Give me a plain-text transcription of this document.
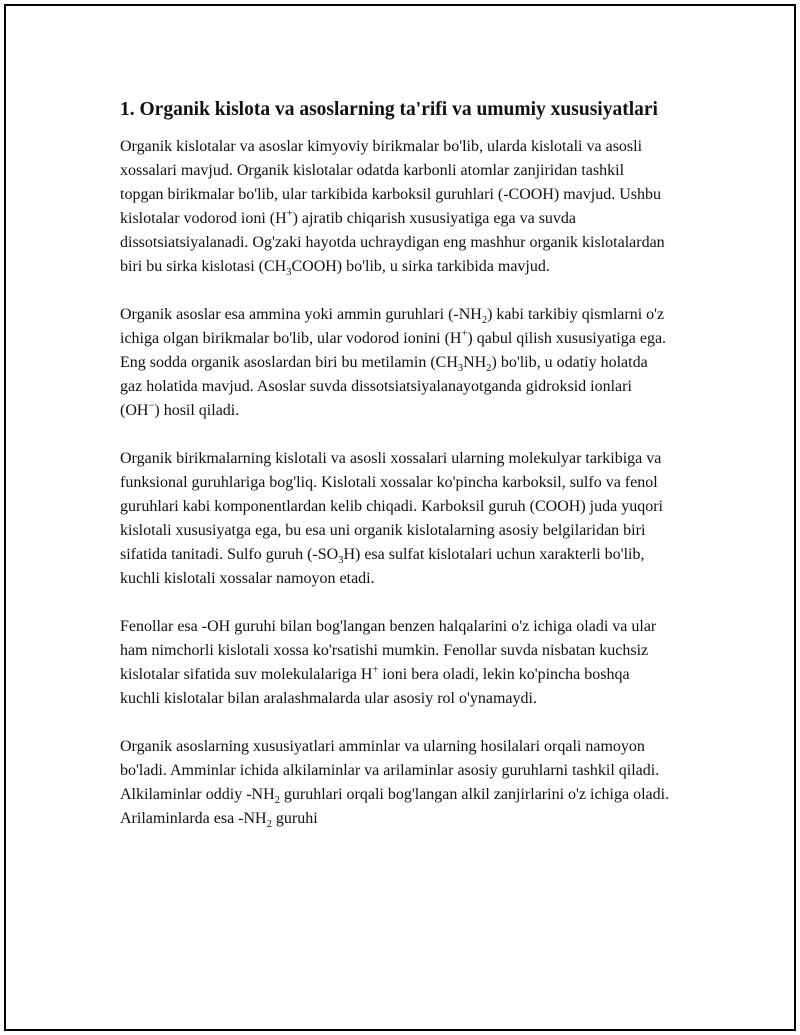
1. Organik kislota va asoslarning ta'rifi va umumiy xususiyatlari

Organik kislotalar va asoslar kimyoviy birikmalar bo'lib, ularda kislotali va asosli xossalari mavjud. Organik kislotalar odatda karbonli atomlar zanjiridan tashkil topgan birikmalar bo'lib, ular tarkibida karboksil guruhlari (-COOH) mavjud. Ushbu kislotalar vodorod ioni (H+) ajratib chiqarish xususiyatiga ega va suvda dissotsiatsiyalanadi. Og'zaki hayotda uchraydigan eng mashhur organik kislotalardan biri bu sirka kislotasi $(CH_3COOH)$ bo'lib, u sirka tarkibida mavjud.

Organik asoslar esa ammina yoki ammin guruhlari $(-NH_2)$ kabi tarkibiy qismlarni o'z ichiga olgan birikmalar bo'lib, ular vodorod ionini (H+) qabul qilish xususiyatiga ega. Eng sodda organik asoslardan biri bu metilamin $(CH_3NH_2)$ bo'lib, u odatiy holatda gaz holatida mavjud. Asoslar suvda dissotsiatsiyalanayotganda gidroksid ionlari (OH−) hosil qiladi.

Organik birikmalarning kislotali va asosli xossalari ularning molekulyar tarkibiga va funksional guruhlariga bog'liq. Kislotali xossalar ko'pincha karboksil, sulfo va fenol guruhlari kabi komponentlardan kelib chiqadi. Karboksil guruh (COOH) juda yuqori kislotali xususiyatga ega, bu esa uni organik kislotalarning asosiy belgilaridan biri sifatida tanitadi. Sulfo guruh $(-SO_3H)$ esa sulfat kislotalari uchun xarakterli bo'lib, kuchli kislotali xossalar namoyon etadi.

Fenollar esa -OH guruhi bilan bog'langan benzen halqalarini o'z ichiga oladi va ular ham nimchorli kislotali xossa ko'rsatishi mumkin. Fenollar suvda nisbatan kuchsiz kislotalar sifatida suv molekulalariga H+ ioni bera oladi, lekin ko'pincha boshqa kuchli kislotalar bilan aralashmalarda ular asosiy rol o'ynamaydi.

Organik asoslarning xususiyatlari amminlar va ularning hosilalari orqali namoyon bo'ladi. Amminlar ichida alkilaminlar va arilaminlar asosiy guruhlarni tashkil qiladi. Alkilaminlar oddiy $-NH_2$ guruhlari orqali bog'langan alkil zanjirlarini o'z ichiga oladi. Arilaminlarda esa $-NH_2$ guruhi
